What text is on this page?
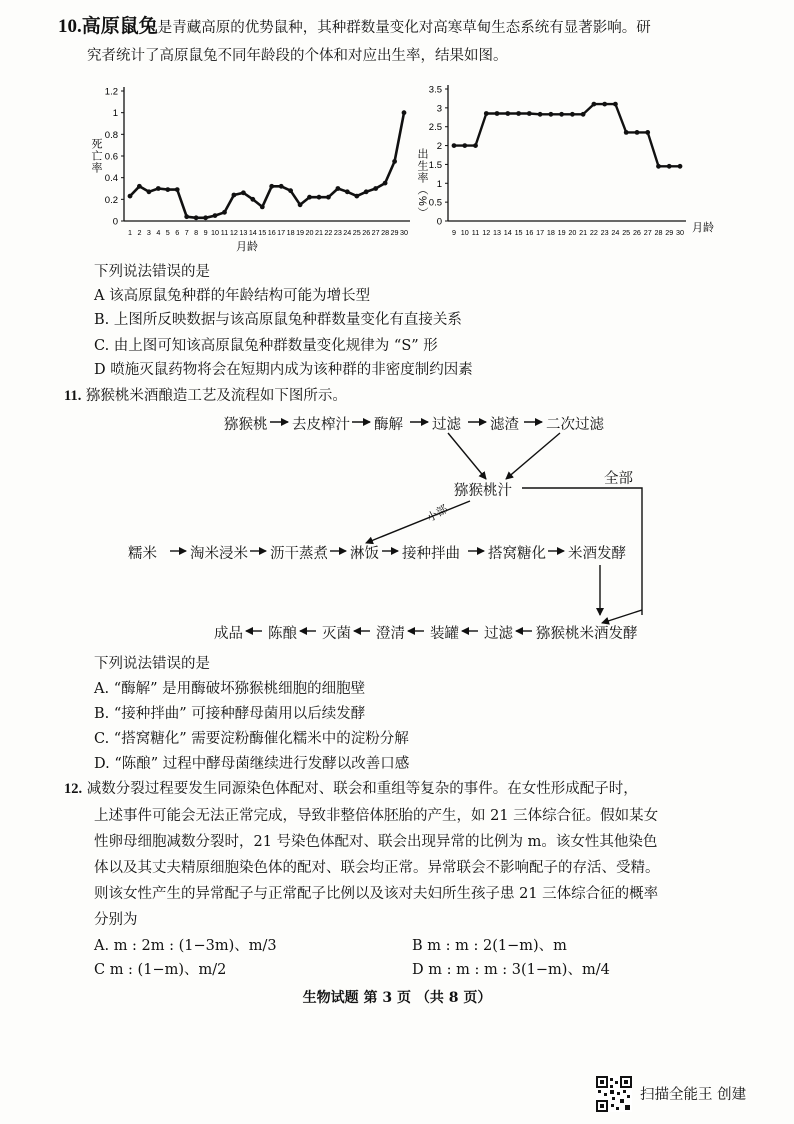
10.高原鼠兔是青藏高原的优势鼠种，其种群数量变化对高寒草甸生态系统有显著影响。研
究者统计了高原鼠兔不同年龄段的个体和对应出生率，结果如图。
0
0.2
0.4
0.6
0.8
1
1.2
1 2 3 4 5 6 7 8 9 10 11 12 13 14 15 16 17 18 19 20 21 22 23 24 25 26 27 28 29 30
死亡率
月龄
0
0.5
1
1.5
2
2.5
3
3.5
9 10 11 12 13 14 15 16 17 18 19 20 21 22 23 24 25 26 27 28 29 30
出生率（%）
月龄
下列说法错误的是
A 该高原鼠兔种群的年龄结构可能为增长型
B. 上图所反映数据与该高原鼠兔种群数量变化有直接关系
C. 由上图可知该高原鼠兔种群数量变化规律为 “S” 形
D 喷施灭鼠药物将会在短期内成为该种群的非密度制约因素
11. 猕猴桃米酒酿造工艺及流程如下图所示。
猕猴桃 去皮榨汁 酶解 过滤 滤渣 二次过滤
猕猴桃汁
全部
小部
糯米 淘米浸米 沥干蒸煮 淋饭 接种拌曲 搭窝糖化 米酒发酵
成品 陈酿 灭菌 澄清 装罐 过滤 猕猴桃米酒发酵
下列说法错误的是
A. “酶解” 是用酶破坏猕猴桃细胞的细胞壁
B. “接种拌曲” 可接种酵母菌用以后续发酵
C. “搭窝糖化” 需要淀粉酶催化糯米中的淀粉分解
D. “陈酿” 过程中酵母菌继续进行发酵以改善口感
12. 减数分裂过程要发生同源染色体配对、联会和重组等复杂的事件。在女性形成配子时，
上述事件可能会无法正常完成，导致非整倍体胚胎的产生，如 21 三体综合征。假如某女
性卵母细胞减数分裂时，21 号染色体配对、联会出现异常的比例为 m。该女性其他染色
体以及其丈夫精原细胞染色体的配对、联会均正常。异常联会不影响配子的存活、受精。
则该女性产生的异常配子与正常配子比例以及该对夫妇所生孩子患 21 三体综合征的概率
分别为
A. m : 2m : (1−3m)、m/3	B m : m : 2(1−m)、m
C m : (1−m)、m/2	D m : m : m : 3(1−m)、m/4
生物试题 第 3 页 （共 8 页）
扫描全能王 创建
